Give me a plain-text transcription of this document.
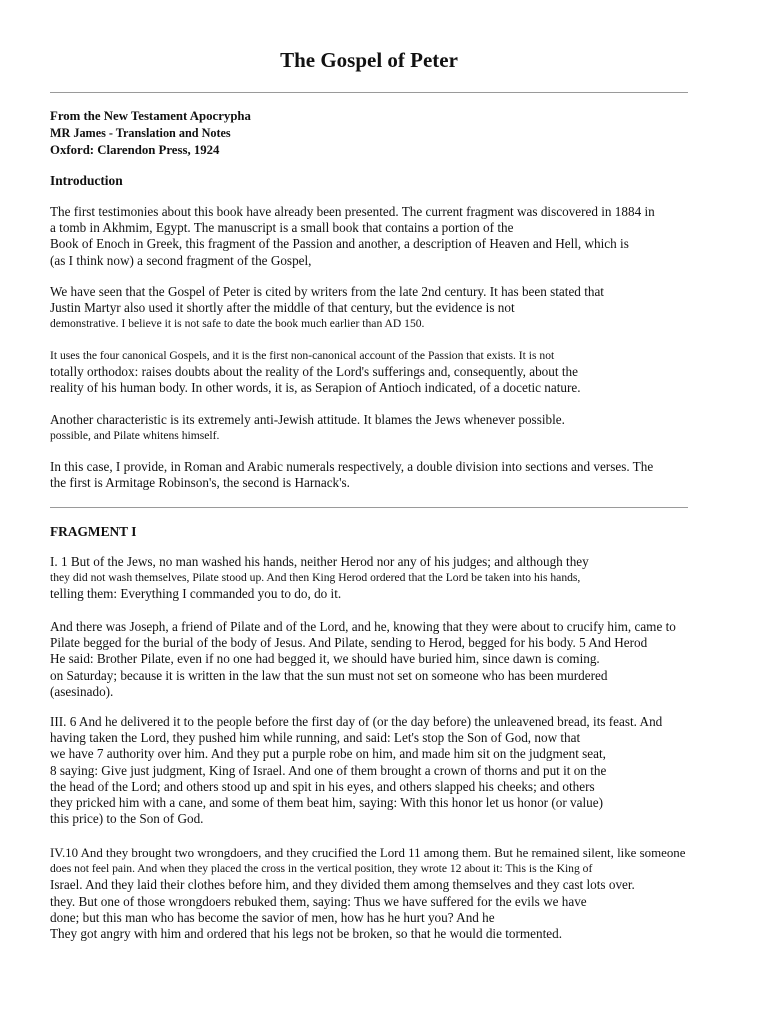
The Gospel of Peter
From the New Testament Apocrypha
MR James - Translation and Notes
Oxford: Clarendon Press, 1924
Introduction
The first testimonies about this book have already been presented. The current fragment was discovered in 1884 in
a tomb in Akhmim, Egypt. The manuscript is a small book that contains a portion of the
Book of Enoch in Greek, this fragment of the Passion and another, a description of Heaven and Hell, which is
(as I think now) a second fragment of the Gospel,
We have seen that the Gospel of Peter is cited by writers from the late 2nd century. It has been stated that
Justin Martyr also used it shortly after the middle of that century, but the evidence is not
demonstrative. I believe it is not safe to date the book much earlier than AD 150.
It uses the four canonical Gospels, and it is the first non-canonical account of the Passion that exists. It is not
totally orthodox: raises doubts about the reality of the Lord's sufferings and, consequently, about the
reality of his human body. In other words, it is, as Serapion of Antioch indicated, of a docetic nature.
Another characteristic is its extremely anti-Jewish attitude. It blames the Jews whenever possible.
possible, and Pilate whitens himself.
In this case, I provide, in Roman and Arabic numerals respectively, a double division into sections and verses. The
the first is Armitage Robinson's, the second is Harnack's.
FRAGMENT I
I. 1 But of the Jews, no man washed his hands, neither Herod nor any of his judges; and although they
they did not wash themselves, Pilate stood up. And then King Herod ordered that the Lord be taken into his hands,
telling them: Everything I commanded you to do, do it.
And there was Joseph, a friend of Pilate and of the Lord, and he, knowing that they were about to crucify him, came to
Pilate begged for the burial of the body of Jesus. And Pilate, sending to Herod, begged for his body. 5 And Herod
He said: Brother Pilate, even if no one had begged it, we should have buried him, since dawn is coming.
on Saturday; because it is written in the law that the sun must not set on someone who has been murdered
(asesinado).
III. 6 And he delivered it to the people before the first day of (or the day before) the unleavened bread, its feast. And
having taken the Lord, they pushed him while running, and said: Let's stop the Son of God, now that
we have 7 authority over him. And they put a purple robe on him, and made him sit on the judgment seat,
8 saying: Give just judgment, King of Israel. And one of them brought a crown of thorns and put it on the
the head of the Lord; and others stood up and spit in his eyes, and others slapped his cheeks; and others
they pricked him with a cane, and some of them beat him, saying: With this honor let us honor (or value)
this price) to the Son of God.
IV.10 And they brought two wrongdoers, and they crucified the Lord 11 among them. But he remained silent, like someone
does not feel pain. And when they placed the cross in the vertical position, they wrote 12 about it: This is the King of
Israel. And they laid their clothes before him, and they divided them among themselves and they cast lots over.
they. But one of those wrongdoers rebuked them, saying: Thus we have suffered for the evils we have
done; but this man who has become the savior of men, how has he hurt you? And he
They got angry with him and ordered that his legs not be broken, so that he would die tormented.
